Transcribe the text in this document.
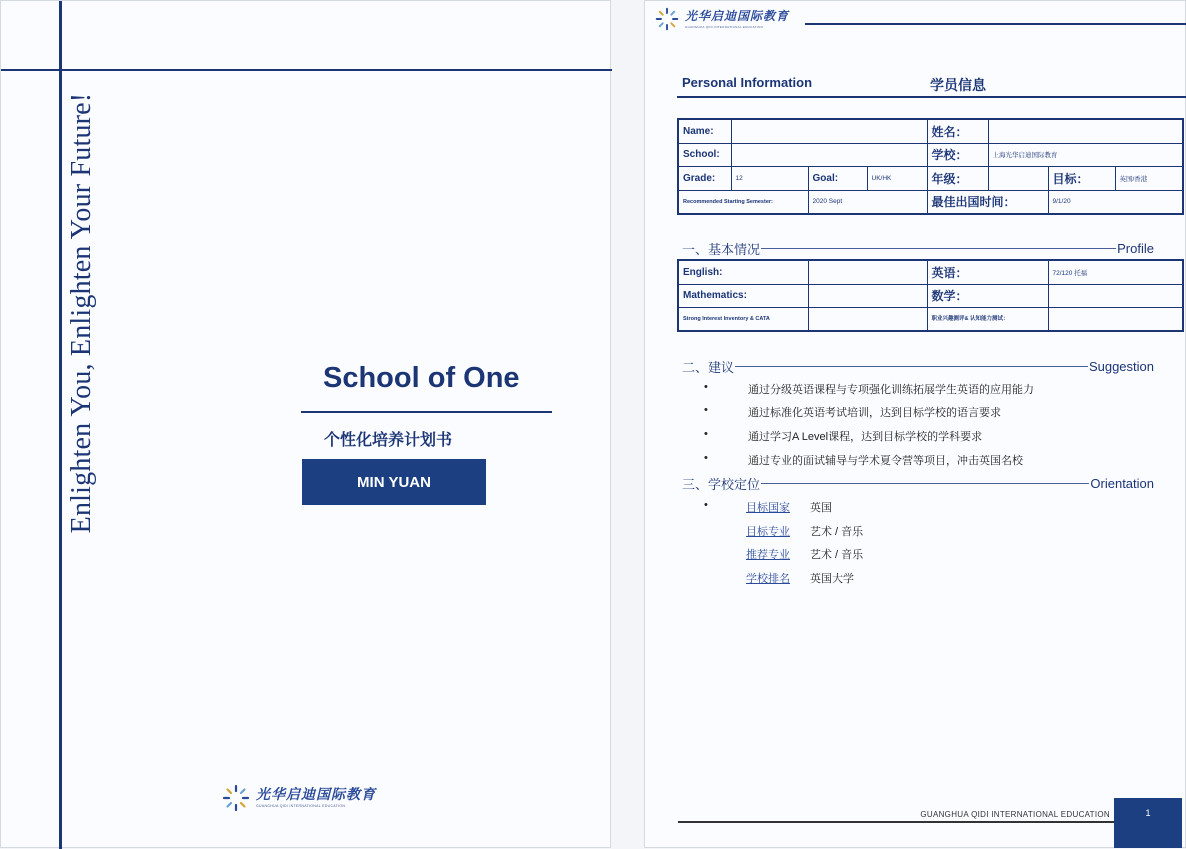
Enlighten You, Enlighten Your Future!	School of One
个性化培养计划书
MIN YUAN
光华启迪国际教育
GUANGHUA QIDI INTERNATIONAL EDUCATION
光华启迪国际教育
GUANGHUA QIDI INTERNATIONAL EDUCATION
Personal Information	学员信息
Name:				姓名：			
School:				学校：	上海光华启迪国际教育		
Grade:	12	Goal:	UK/HK	年级：		目标：	英国/香港
Recommended Starting Semester:		2020 Sept		最佳出国时间：		9/1/20	
一、基本情况	Profile
English:		英语：	72/120 托福
Mathematics:		数学：	
Strong Interest Inventory & CATA		职业兴趣测评& 认知能力测试：	
二、建议	Suggestion
•	通过分级英语课程与专项强化训练拓展学生英语的应用能力
•	通过标准化英语考试培训，达到目标学校的语言要求
•	通过学习A Level课程，达到目标学校的学科要求
•	通过专业的面试辅导与学术夏令营等项目，冲击英国名校
三、学校定位	Orientation
•	目标国家	英国
目标专业	艺术 / 音乐
推荐专业	艺术 / 音乐
学校排名	英国大学
GUANGHUA QIDI INTERNATIONAL EDUCATION	1
